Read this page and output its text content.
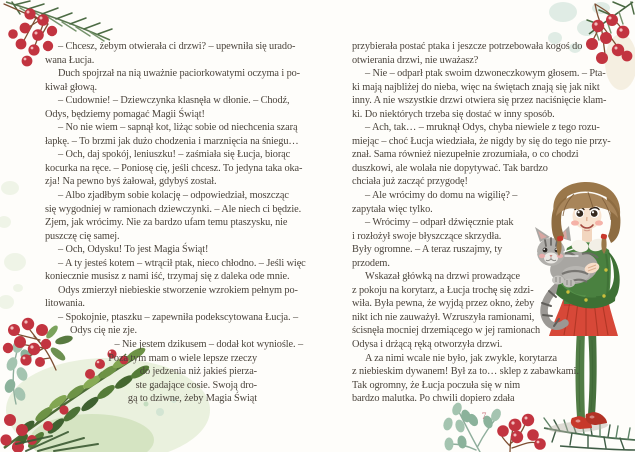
– Chcesz, żebym otwierała ci drzwi? – upewniła się urado-
wana Łucja.
Duch spojrzał na nią uważnie paciorkowatymi oczyma i po-
kiwał głową.
– Cudownie! – Dziewczynka klasnęła w dłonie. – Chodź,
Odys, będziemy pomagać Magii Świąt!
– No nie wiem – sapnął kot, liżąc sobie od niechcenia szarą
łapkę. – To brzmi jak dużo chodzenia i marznięcia na śniegu…
– Och, daj spokój, leniuszku! – zaśmiała się Łucja, biorąc
kocurka na ręce. – Poniosę cię, jeśli chcesz. To jedyna taka oka-
zja! Na pewno byś żałował, gdybyś został.
– Albo zjadłbym sobie kolację – odpowiedział, moszcząc
się wygodniej w ramionach dziewczynki. – Ale niech ci będzie.
Zjem, jak wrócimy. Nie za bardzo ufam temu ptaszysku, nie
puszczę cię samej.
– Och, Odysku! To jest Magia Świąt!
– A ty jesteś kotem – wtrącił ptak, nieco chłodno. – Jeśli więc
koniecznie musisz z nami iść, trzymaj się z daleka ode mnie.
Odys zmierzył niebieskie stworzenie wzrokiem pełnym po-
litowania.
– Spokojnie, ptaszku – zapewniła podekscytowana Łucja. –
Odys cię nie zje.
– Nie jestem dzikusem – dodał kot wyniośle. –
Poza tym mam o wiele lepsze rzeczy
do jedzenia niż jakieś pierza-
ste gadające cosie. Swoją dro-
gą to dziwne, żeby Magia Świąt
przybierała postać ptaka i jeszcze potrzebowała kogoś do
otwierania drzwi, nie uważasz?
– Nie – odparł ptak swoim dzwoneczkowym głosem. – Pta-
ki mają najbliżej do nieba, więc na świętach znają się jak nikt
inny. A nie wszystkie drzwi otwiera się przez naciśnięcie klam-
ki. Do niektórych trzeba się dostać w inny sposób.
– Ach, tak… – mruknął Odys, chyba niewiele z tego rozu-
miejąc – choć Łucja wiedziała, że nigdy by się do tego nie przy-
znał. Sama również niezupełnie zrozumiała, o co chodzi
duszkowi, ale wolała nie dopytywać. Tak bardzo
chciała już zacząć przygodę!
– Ale wrócimy do domu na wigilię? –
zapytała więc tylko.
– Wrócimy – odparł dźwięcznie ptak
i rozłożył swoje błyszczące skrzydła.
Były ogromne. – A teraz ruszajmy, ty
przodem.
Wskazał główką na drzwi prowadzące
z pokoju na korytarz, a Łucja trochę się zdzi-
wiła. Była pewna, że wyjdą przez okno, żeby
nikt ich nie zauważył. Wzruszyła ramionami,
ścisnęła mocniej drzemiącego w jej ramionach
Odysa i drżącą ręką otworzyła drzwi.
A za nimi wcale nie było, jak zwykle, korytarza
z niebieskim dywanem! Był za to… sklep z zabawkami.
Tak ogromny, że Łucja poczuła się w nim
bardzo malutka. Po chwili dopiero zdała
7
